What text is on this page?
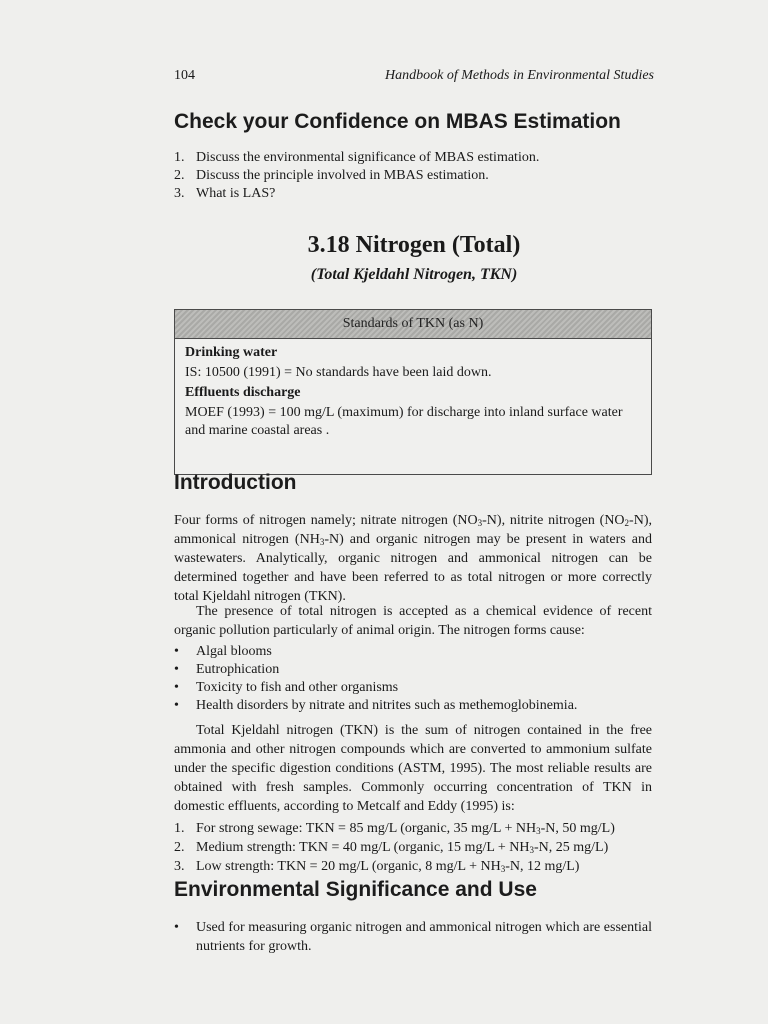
104	Handbook of Methods in Environmental Studies
Check your Confidence on MBAS Estimation
1. Discuss the environmental significance of MBAS estimation.
2. Discuss the principle involved in MBAS estimation.
3. What is LAS?
3.18 Nitrogen (Total)
(Total Kjeldahl Nitrogen, TKN)
Standards of TKN (as N)

Drinking water

IS: 10500 (1991) = No standards have been laid down.

Effluents discharge

MOEF (1993) = 100 mg/L (maximum) for discharge into inland surface water and marine coastal areas .

Introduction

Four forms of nitrogen namely; nitrate nitrogen $(NO_3-N)$, nitrite nitrogen $(NO_2-N)$, ammonical nitrogen $(NH_3-N)$ and organic nitrogen may be present in waters and wastewaters. Analytically, organic nitrogen and ammonical nitrogen can be determined together and have been referred to as total nitrogen or more correctly total Kjeldahl nitrogen (TKN).

The presence of total nitrogen is accepted as a chemical evidence of recent organic pollution particularly of animal origin. The nitrogen forms cause:

• Algal blooms
• Eutrophication
• Toxicity to fish and other organisms
• Health disorders by nitrate and nitrites such as methemoglobinemia.

Total Kjeldahl nitrogen (TKN) is the sum of nitrogen contained in the free ammonia and other nitrogen compounds which are converted to ammonium sulfate under the specific digestion conditions (ASTM, 1995). The most reliable results are obtained with fresh samples. Commonly occurring concentration of TKN in domestic effluents, according to Metcalf and Eddy (1995) is:

1. For strong sewage: TKN = 85 mg/L (organic, 35 $mg/L + NH_3-N$, 50 mg/L)
2. Medium strength: TKN = 40 mg/L (organic, 15 $mg/L + NH_3-N$, 25 mg/L)
3. Low strength: TKN = 20 mg/L (organic, 8 $mg/L + NH_3-N$, 12 mg/L)
Environmental Significance and Use
• Used for measuring organic nitrogen and ammonical nitrogen which are essential nutrients for growth.
